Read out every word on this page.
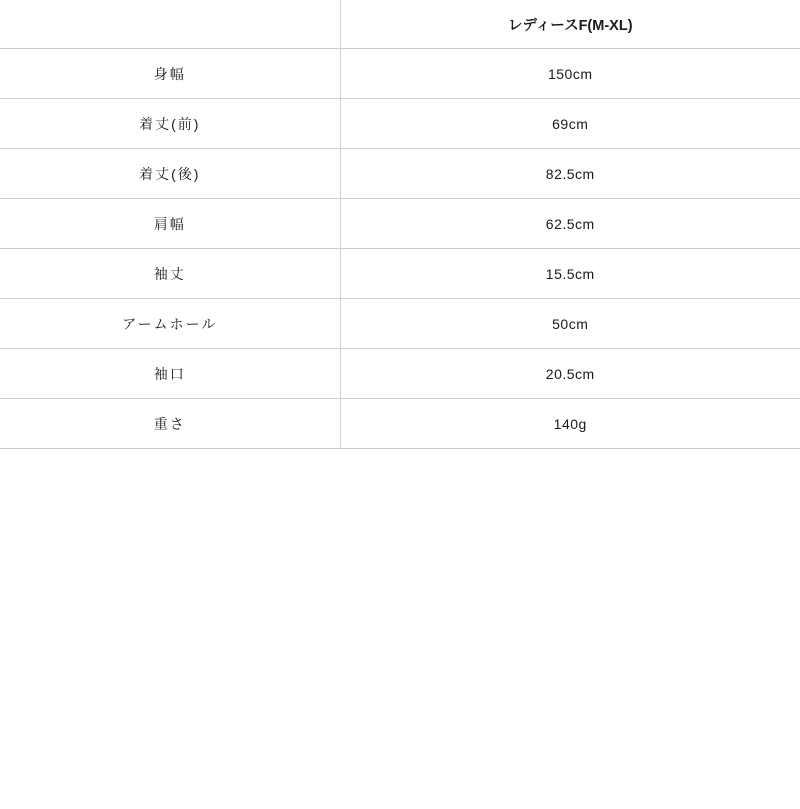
	レディースF(M-XL)
身幅	150cm
着丈(前)	69cm
着丈(後)	82.5cm
肩幅	62.5cm
袖丈	15.5cm
アームホール	50cm
袖口	20.5cm
重さ	140g
